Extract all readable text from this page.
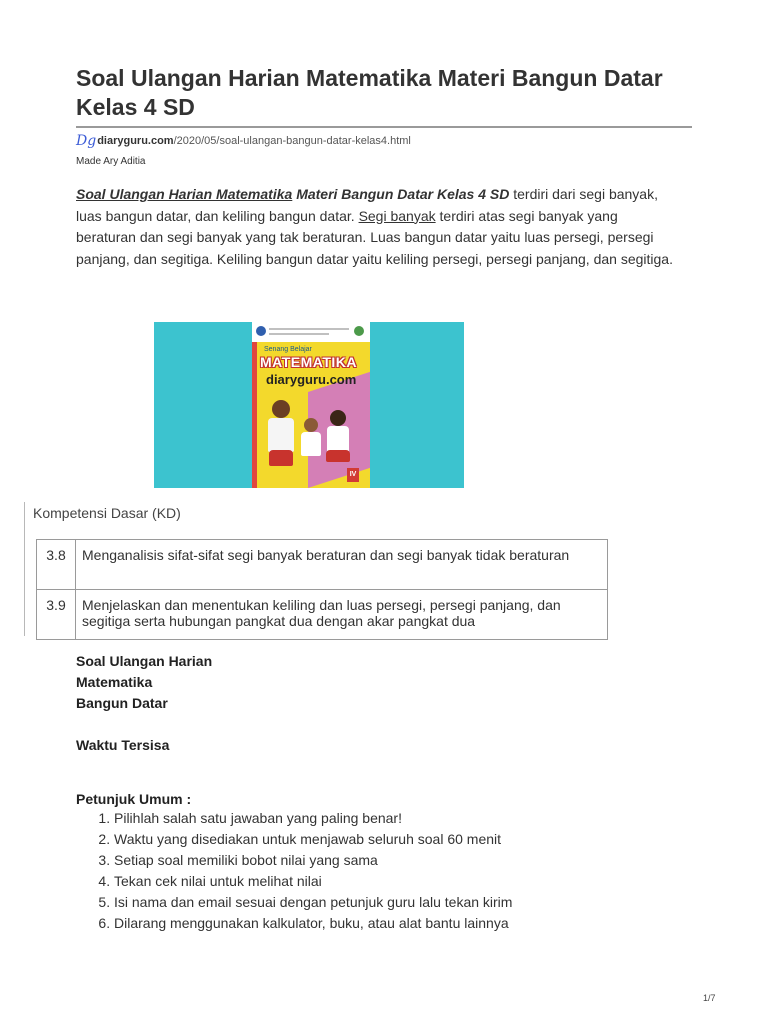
Soal Ulangan Harian Matematika Materi Bangun Datar Kelas 4 SD
Dg diaryguru.com /2020/05/soal-ulangan-bangun-datar-kelas4.html
Made Ary Aditia

Soal Ulangan Harian Matematika Materi Bangun Datar Kelas 4 SD terdiri dari segi banyak, luas bangun datar, dan keliling bangun datar. Segi banyak terdiri atas segi banyak yang beraturan dan segi banyak yang tak beraturan. Luas bangun datar yaitu luas persegi, persegi panjang, dan segitiga. Keliling bangun datar yaitu keliling persegi, persegi panjang, dan segitiga.

Senang Belajar
MATEMATIKA
diaryguru.com
IV
Kompetensi Dasar (KD)
3.8	Menganalisis sifat-sifat segi banyak beraturan dan segi banyak tidak beraturan
3.9	Menjelaskan dan menentukan keliling dan luas persegi, persegi panjang, dan segitiga serta hubungan pangkat dua dengan akar pangkat dua
Soal Ulangan Harian
Matematika
Bangun Datar
Waktu Tersisa
Petunjuk Umum :
1. Pilihlah salah satu jawaban yang paling benar!
2. Waktu yang disediakan untuk menjawab seluruh soal 60 menit
3. Setiap soal memiliki bobot nilai yang sama
4. Tekan cek nilai untuk melihat nilai
5. Isi nama dan email sesuai dengan petunjuk guru lalu tekan kirim
6. Dilarang menggunakan kalkulator, buku, atau alat bantu lainnya
1/7
